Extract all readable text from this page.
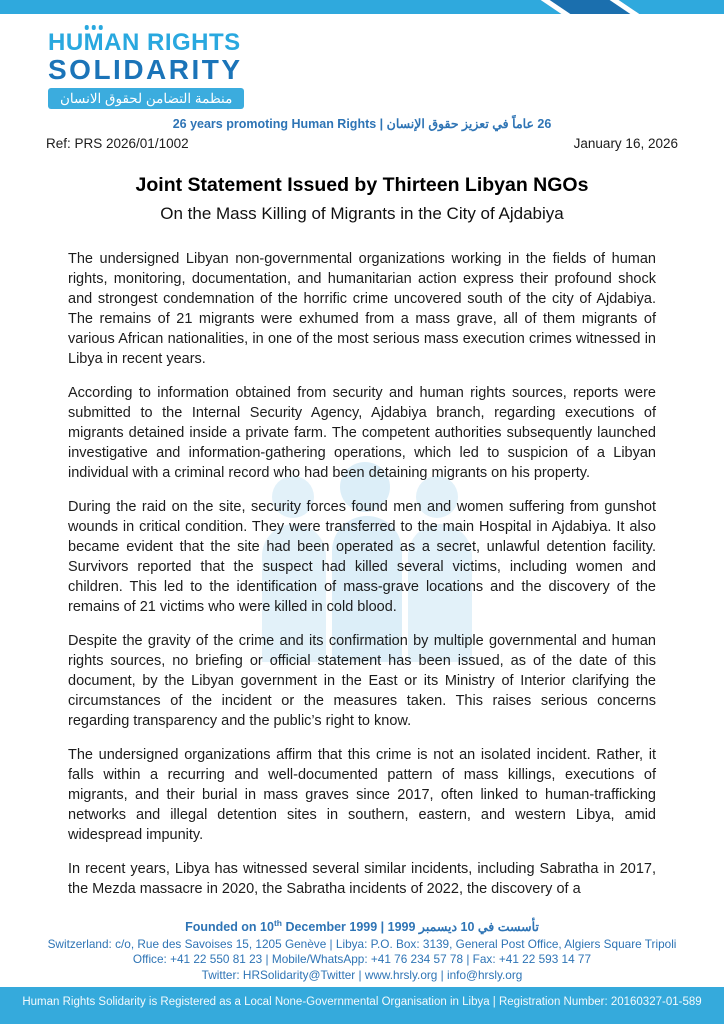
HU
MAN RIGHTS
SOLIDARITY
منظمة التضامن لحقوق الانسان
26 years promoting Human Rights | 26 عاماً في تعزيز حقوق الإنسان
Ref: PRS 2026/01/1002	January 16, 2026
Joint Statement Issued by Thirteen Libyan NGOs
On the Mass Killing of Migrants in the City of Ajdabiya

The undersigned Libyan non-governmental organizations working in the fields of human rights, monitoring, documentation, and humanitarian action express their profound shock and strongest condemnation of the horrific crime uncovered south of the city of Ajdabiya. The remains of 21 migrants were exhumed from a mass grave, all of them migrants of various African nationalities, in one of the most serious mass execution crimes witnessed in Libya in recent years.

According to information obtained from security and human rights sources, reports were submitted to the Internal Security Agency, Ajdabiya branch, regarding executions of migrants detained inside a private farm. The competent authorities subsequently launched investigative and information-gathering operations, which led to suspicion of a Libyan individual with a criminal record who had been detaining migrants on his property.

During the raid on the site, security forces found men and women suffering from gunshot wounds in critical condition. They were transferred to the main Hospital in Ajdabiya. It also became evident that the site had been operated as a secret, unlawful detention facility. Survivors reported that the suspect had killed several victims, including women and children. This led to the identification of mass-grave locations and the discovery of the remains of 21 victims who were killed in cold blood.

Despite the gravity of the crime and its confirmation by multiple governmental and human rights sources, no briefing or official statement has been issued, as of the date of this document, by the Libyan government in the East or its Ministry of Interior clarifying the circumstances of the incident or the measures taken. This raises serious concerns regarding transparency and the public’s right to know.

The undersigned organizations affirm that this crime is not an isolated incident. Rather, it falls within a recurring and well-documented pattern of mass killings, executions of migrants, and their burial in mass graves since 2017, often linked to human-trafficking networks and illegal detention sites in southern, eastern, and western Libya, amid widespread impunity.

In recent years, Libya has witnessed several similar incidents, including Sabratha in 2017, the Mezda massacre in 2020, the Sabratha incidents of 2022, the discovery of a

Founded on 10th December 1999 | تأسست في 10 ديسمبر 1999
Switzerland: c/o, Rue des Savoises 15, 1205 Genève | Libya: P.O. Box: 3139, General Post Office, Algiers Square Tripoli
Office: +41 22 550 81 23 | Mobile/WhatsApp: +41 76 234 57 78 | Fax: +41 22 593 14 77
Twitter: HRSolidarity@Twitter | www.hrsly.org | info@hrsly.org
Human Rights Solidarity is Registered as a Local None-Governmental Organisation in Libya | Registration Number: 20160327-01-589
